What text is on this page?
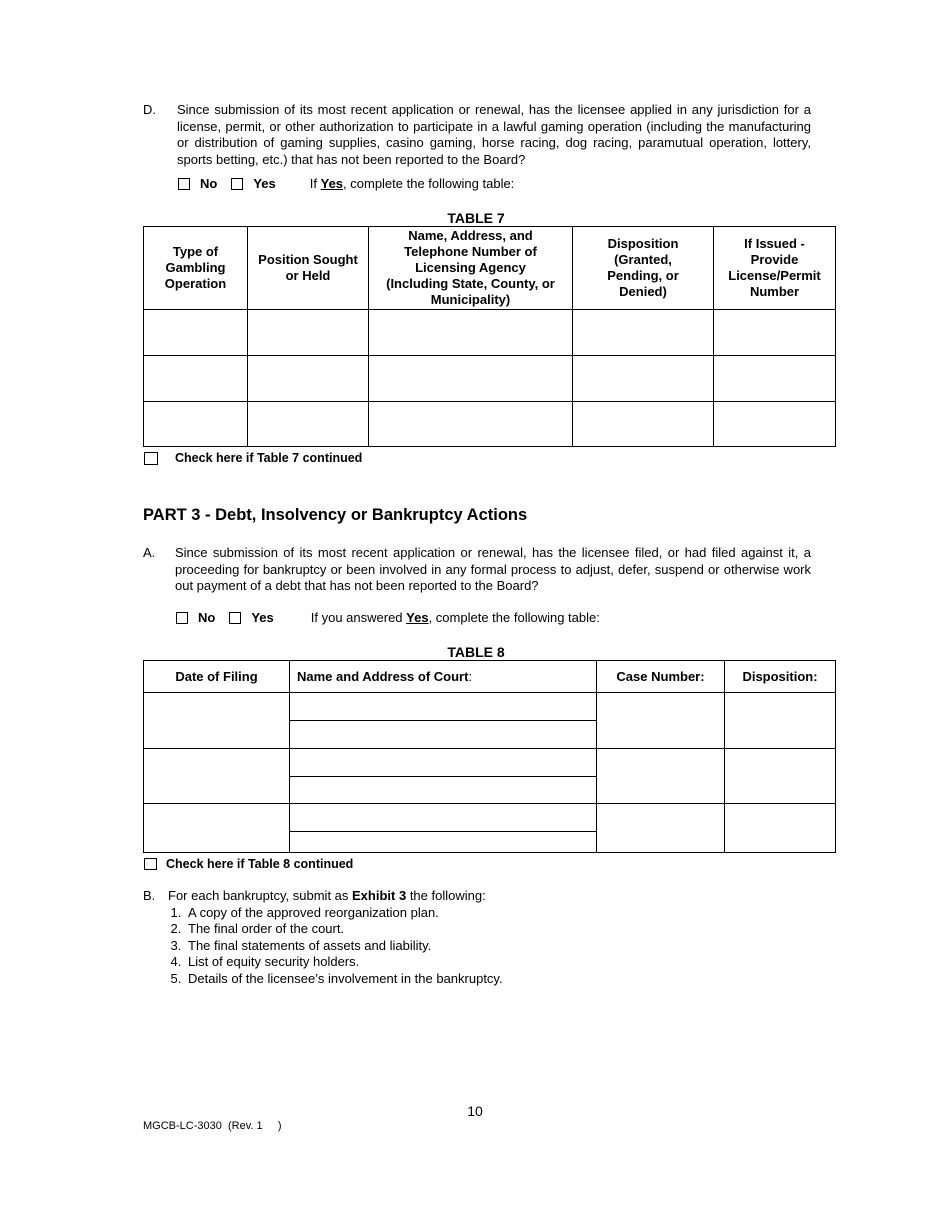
D. Since submission of its most recent application or renewal, has the licensee applied in any jurisdiction for a license, permit, or other authorization to participate in a lawful gaming operation (including the manufacturing or distribution of gaming supplies, casino gaming, horse racing, dog racing, paramutual operation, lottery, sports betting, etc.) that has not been reported to the Board?
No	Yes	If Yes, complete the following table:
TABLE 7
Type of Gambling Operation	Position Sought or Held	Name, Address, and Telephone Number of Licensing Agency (Including State, County, or Municipality)	Disposition (Granted, Pending, or Denied)	If Issued - Provide License/Permit Number

Check here if Table 7 continued
PART 3 - Debt, Insolvency or Bankruptcy Actions
A. Since submission of its most recent application or renewal, has the licensee filed, or had filed against it, a proceeding for bankruptcy or been involved in any formal process to adjust, defer, suspend or otherwise work out payment of a debt that has not been reported to the Board?
No	Yes	If you answered Yes, complete the following table:
TABLE 8
Date of Filing	Name and Address of Court:	Case Number:	Disposition:

Check here if Table 8 continued
B. For each bankruptcy, submit as Exhibit 3 the following:
1. A copy of the approved reorganization plan.
2. The final order of the court.
3. The final statements of assets and liability.
4. List of equity security holders.
5. Details of the licensee’s involvement in the bankruptcy.
10
MGCB-LC-3030  (Rev. 1     )
